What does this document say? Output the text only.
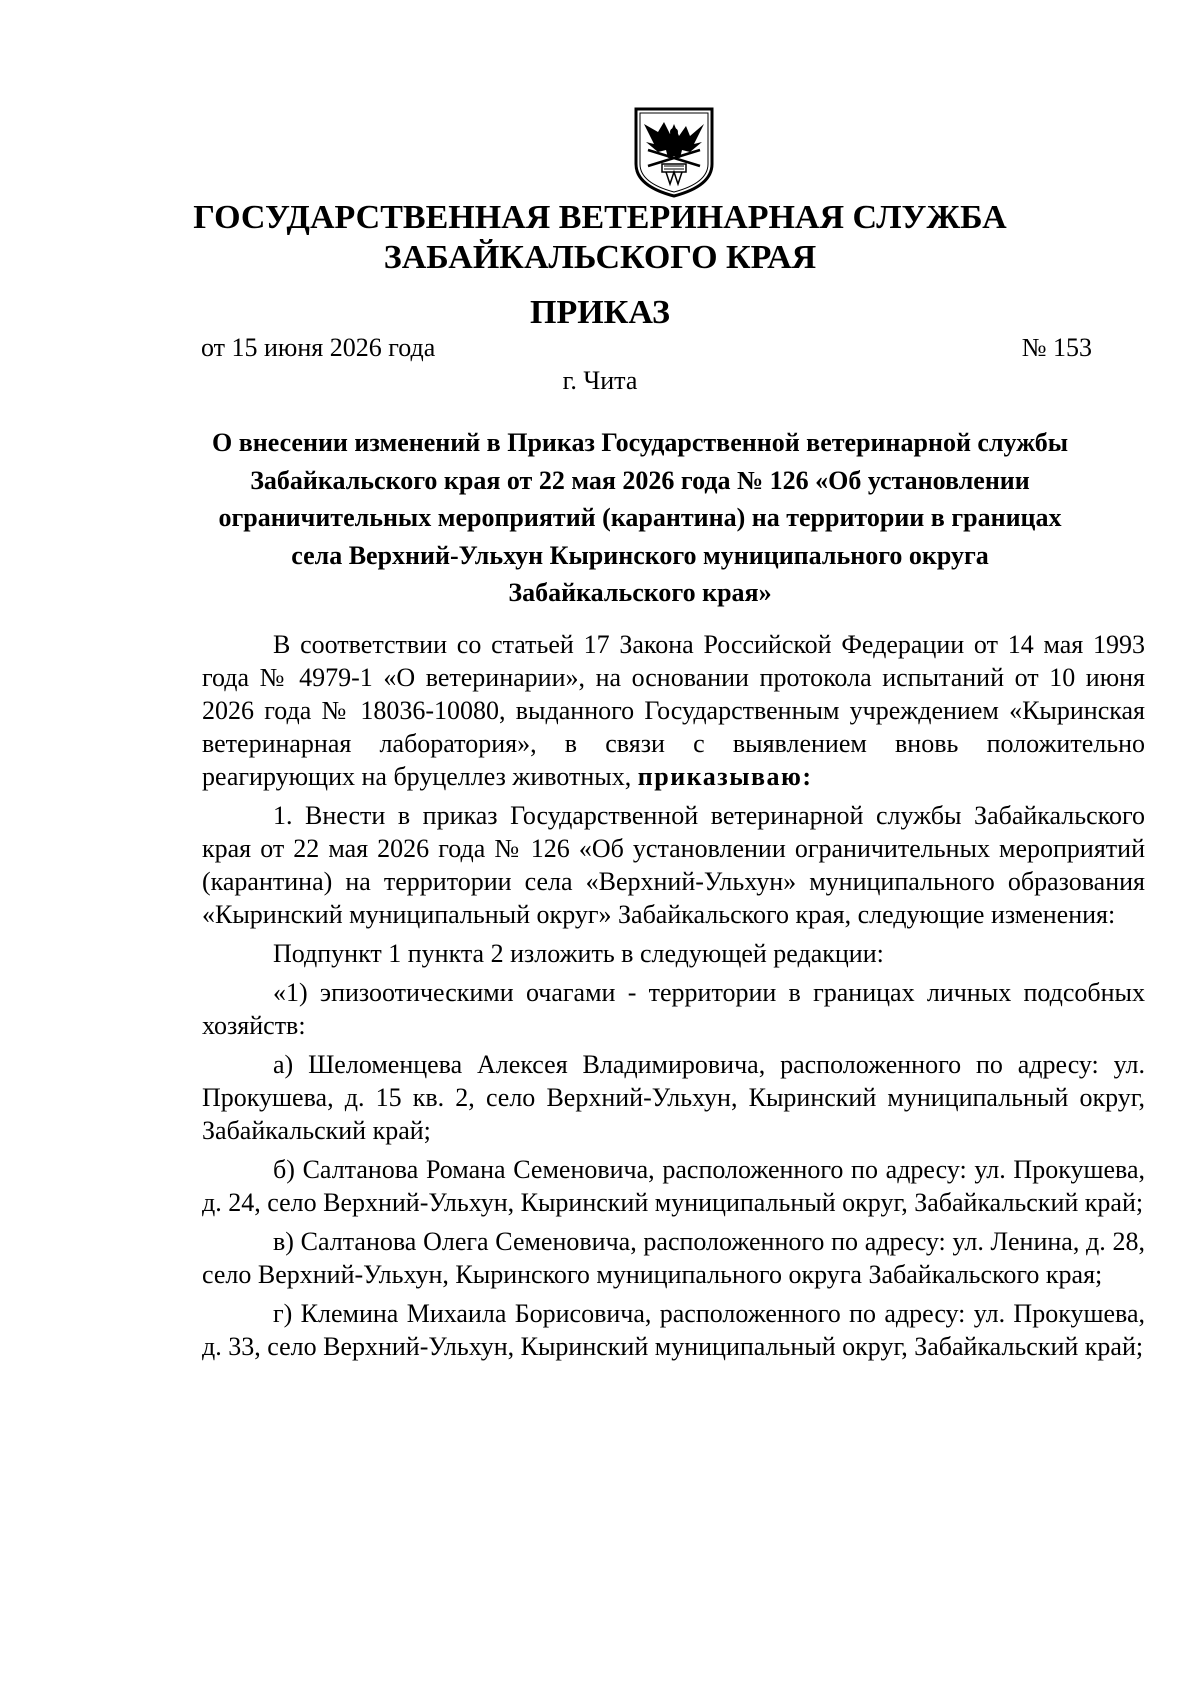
ГОСУДАРСТВЕННАЯ ВЕТЕРИНАРНАЯ СЛУЖБА
ЗАБАЙКАЛЬСКОГО КРАЯ
ПРИКАЗ
от 15 июня 2026 года	№ 153
г. Чита
О внесении изменений в Приказ Государственной ветеринарной службы
Забайкальского края от 22 мая 2026 года № 126 «Об установлении
ограничительных мероприятий (карантина) на территории в границах
села Верхний-Ульхун Кыринского муниципального округа
Забайкальского края»

В соответствии со статьей 17 Закона Российской Федерации от 14 мая 1993 года № 4979-1 «О ветеринарии», на основании протокола испытаний от 10 июня 2026 года № 18036-10080, выданного Государственным учреждением «Кыринская ветеринарная лаборатория», в связи с выявлением вновь положительно реагирующих на бруцеллез животных, приказываю:

1. Внести в приказ Государственной ветеринарной службы Забайкальского края от 22 мая 2026 года № 126 «Об установлении ограничительных мероприятий (карантина) на территории села «Верхний-Ульхун» муниципального образования «Кыринский муниципальный округ» Забайкальского края, следующие изменения:

Подпункт 1 пункта 2 изложить в следующей редакции:

«1) эпизоотическими очагами - территории в границах личных подсобных хозяйств:

а) Шеломенцева Алексея Владимировича, расположенного по адресу: ул. Прокушева, д. 15 кв. 2, село Верхний-Ульхун, Кыринский муниципальный округ, Забайкальский край;

б) Салтанова Романа Семеновича, расположенного по адресу: ул. Прокушева, д. 24, село Верхний-Ульхун, Кыринский муниципальный округ, Забайкальский край;

в) Салтанова Олега Семеновича, расположенного по адресу: ул. Ленина, д. 28, село Верхний-Ульхун, Кыринского муниципального округа Забайкальского края;

г) Клемина Михаила Борисовича, расположенного по адресу: ул. Прокушева, д. 33, село Верхний-Ульхун, Кыринский муниципальный округ, Забайкальский край;
